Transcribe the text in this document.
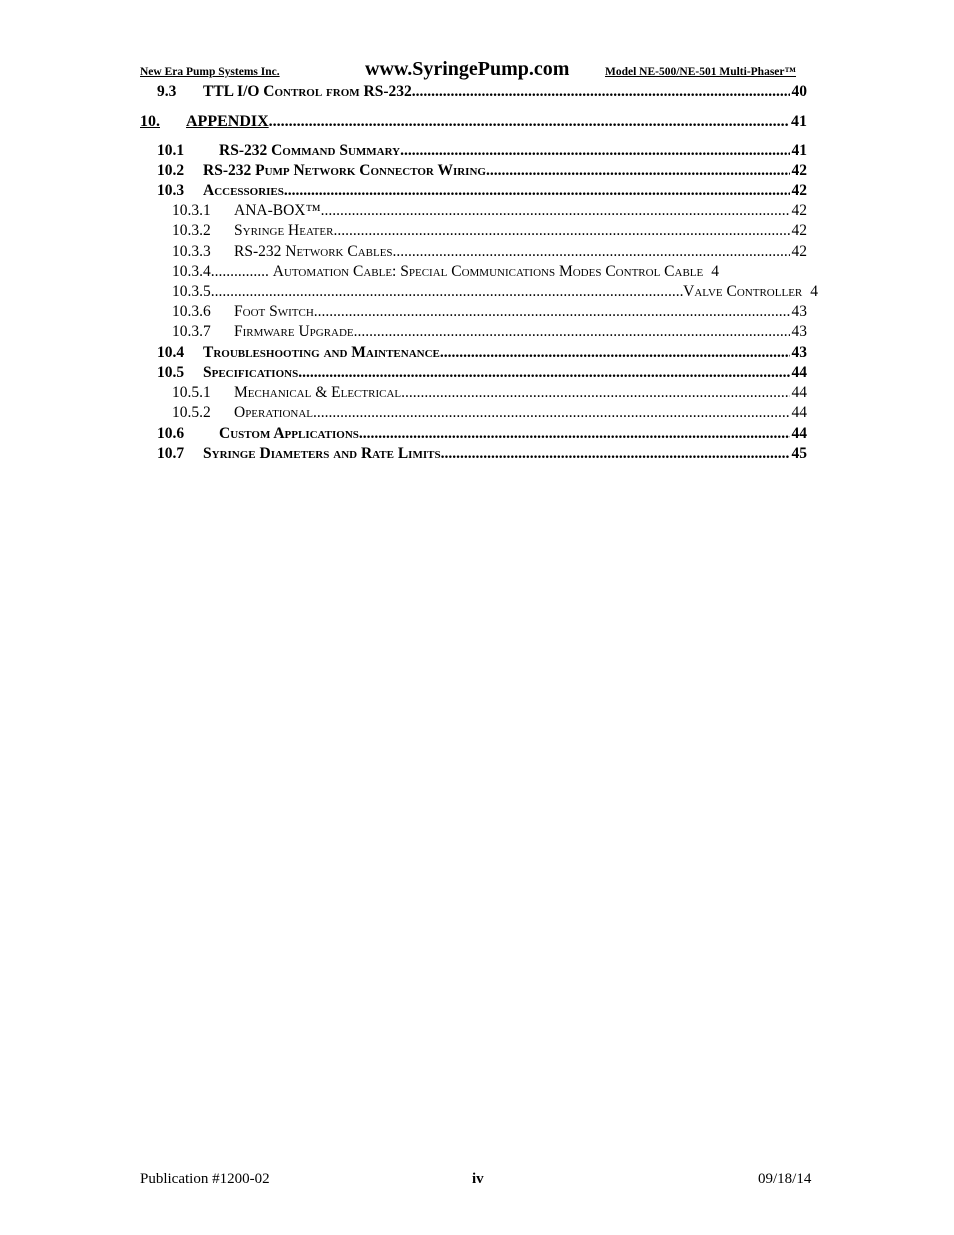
New Era Pump Systems Inc.	www.SyringePump.com	Model NE-500/NE-501 Multi-Phaser™
9.3	TTL I/O Control from RS-232 .....	40
10.	APPENDIX .....	41
10.1	RS-232 Command Summary .....	41
10.2	RS-232 Pump Network Connector Wiring .....	42
10.3	Accessories .....	42
10.3.1	ANA-BOX™ .....	42
10.3.2	Syringe Heater .....	42
10.3.3	RS-232 Network Cables .....	42
10.3.4 .....	Automation Cable: Special Communications Modes Control Cable 4
10.3.5 .....	Valve Controller 4
10.3.6	Foot Switch .....	43
10.3.7	Firmware Upgrade .....	43
10.4	Troubleshooting and Maintenance .....	43
10.5	Specifications .....	44
10.5.1	Mechanical & Electrical .....	44
10.5.2	Operational .....	44
10.6	Custom Applications .....	44
10.7	Syringe Diameters and Rate Limits .....	45
Publication #1200-02	iv	09/18/14
